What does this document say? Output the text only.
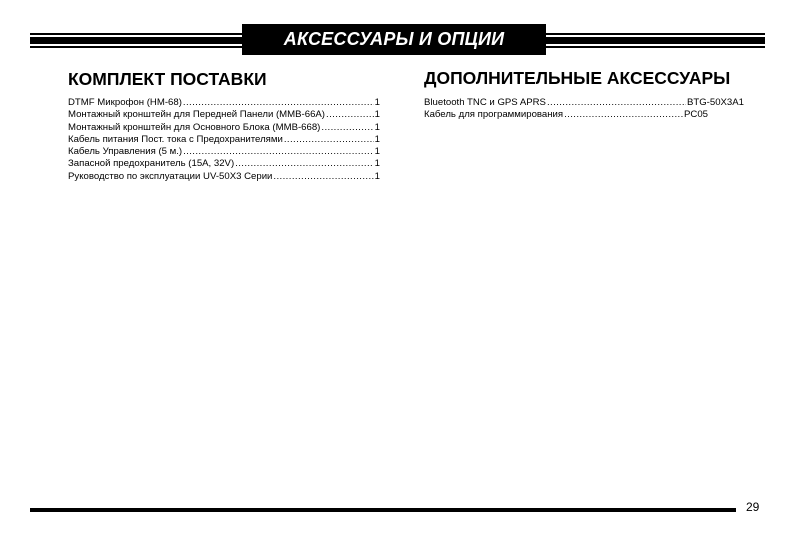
АКСЕССУАРЫ И ОПЦИИ
КОМПЛЕКТ ПОСТАВКИ
DTMF Микрофон (HM-68) .....	1
Монтажный кронштейн для Передней Панели (MMB-66A) .....	1
Монтажный кронштейн для Основного Блока (MMB-668) .....	1
Кабель питания Пост. тока с Предохранителями .....	1
Кабель Управления (5 м.) .....	1
Запасной предохранитель (15A, 32V) .....	1
Руководство по эксплуатации UV-50X3 Серии .....	1
ДОПОЛНИТЕЛЬНЫЕ АКСЕССУАРЫ
Bluetooth TNC и GPS APRS .....	BTG-50X3A1
Кабель для программирования .....	PC05
29
